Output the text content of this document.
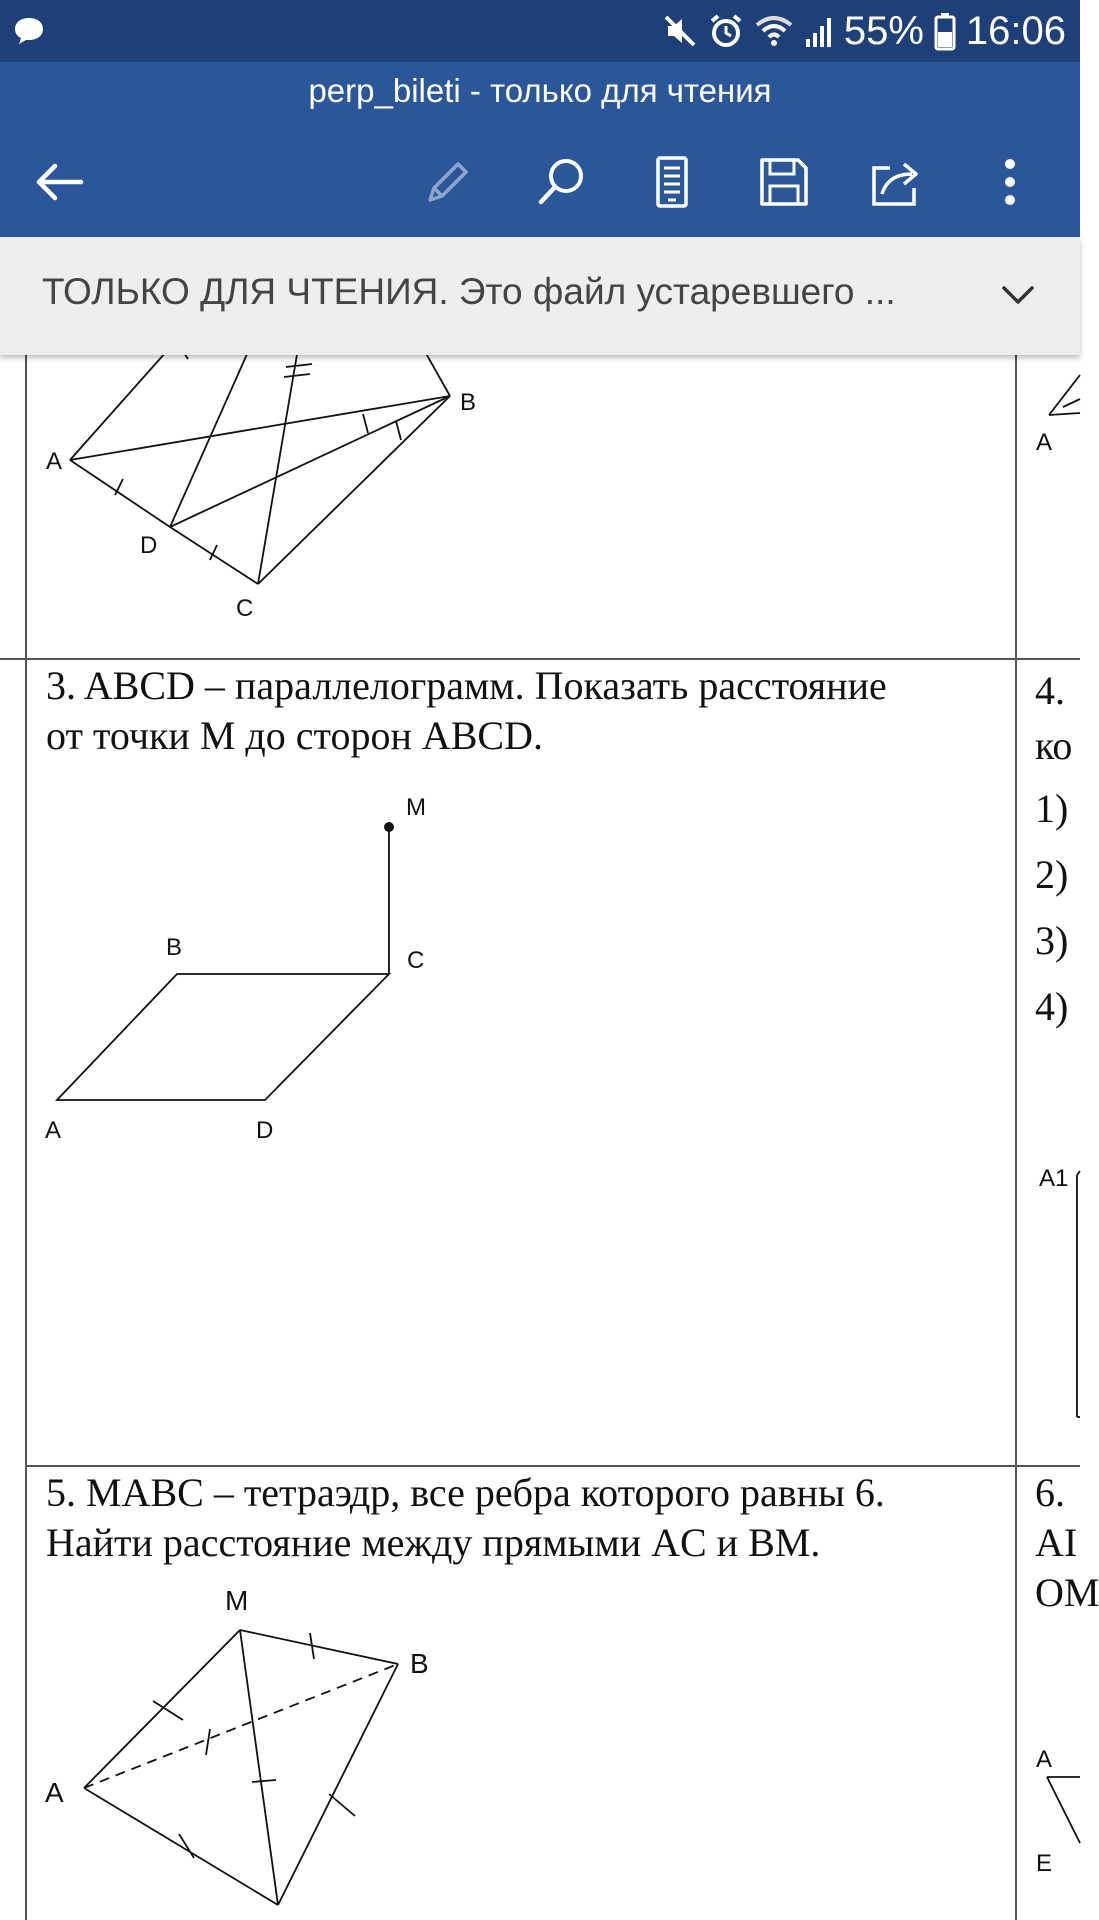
55% 16:06
perp_bileti - только для чтения
ТОЛЬКО ДЛЯ ЧТЕНИЯ. Это файл устаревшего ...
A
B
C
D
A
3. ABCD – параллелограмм. Показать расстояние
от точки М до сторон ABCD.
M
B	C
A	D
4.
ко
1)
2)
3)
4)
A1
5. MABC – тетраэдр, все ребра которого равны 6.
Найти расстояние между прямыми AC и BM.
M
B
A
6.
AI
OM
A
E
